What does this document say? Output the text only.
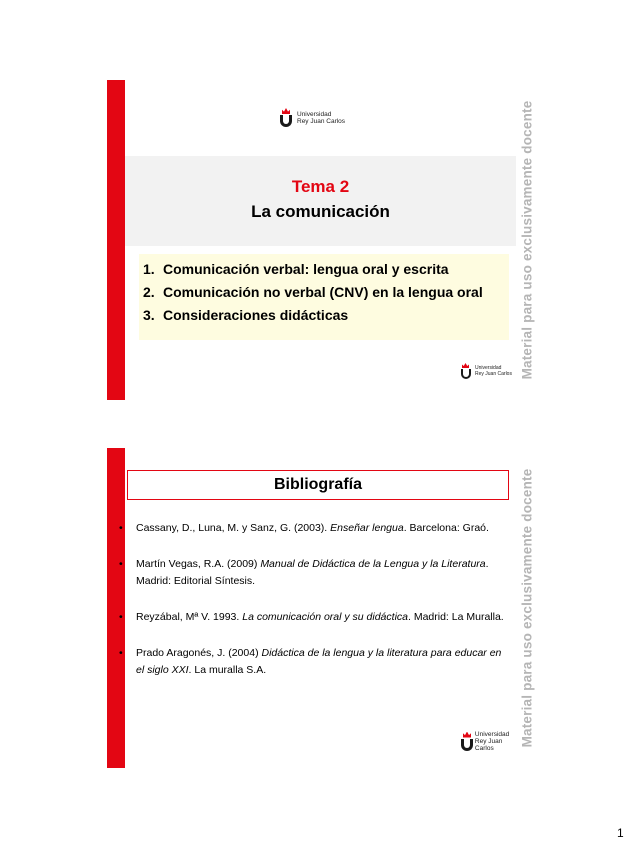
Universidad
Rey Juan Carlos
Tema 2
La comunicación
1. Comunicación verbal: lengua oral y escrita
2. Comunicación no verbal (CNV) en la lengua oral
3. Consideraciones didácticas
Universidad
Rey Juan Carlos Material para uso exclusivamente docente
Bibliografía
• Cassany, D., Luna, M. y Sanz, G. (2003). Enseñar lengua. Barcelona: Graó.
• Martín Vegas, R.A. (2009) Manual de Didáctica de la Lengua y la Literatura. Madrid: Editorial Síntesis.
• Reyzábal, Mª V. 1993. La comunicación oral y su didáctica. Madrid: La Muralla.
• Prado Aragonés, J. (2004) Didáctica de la lengua y la literatura para educar en el siglo XXI. La muralla S.A.
Universidad
Rey Juan Carlos
Material para uso exclusivamente docente
1
